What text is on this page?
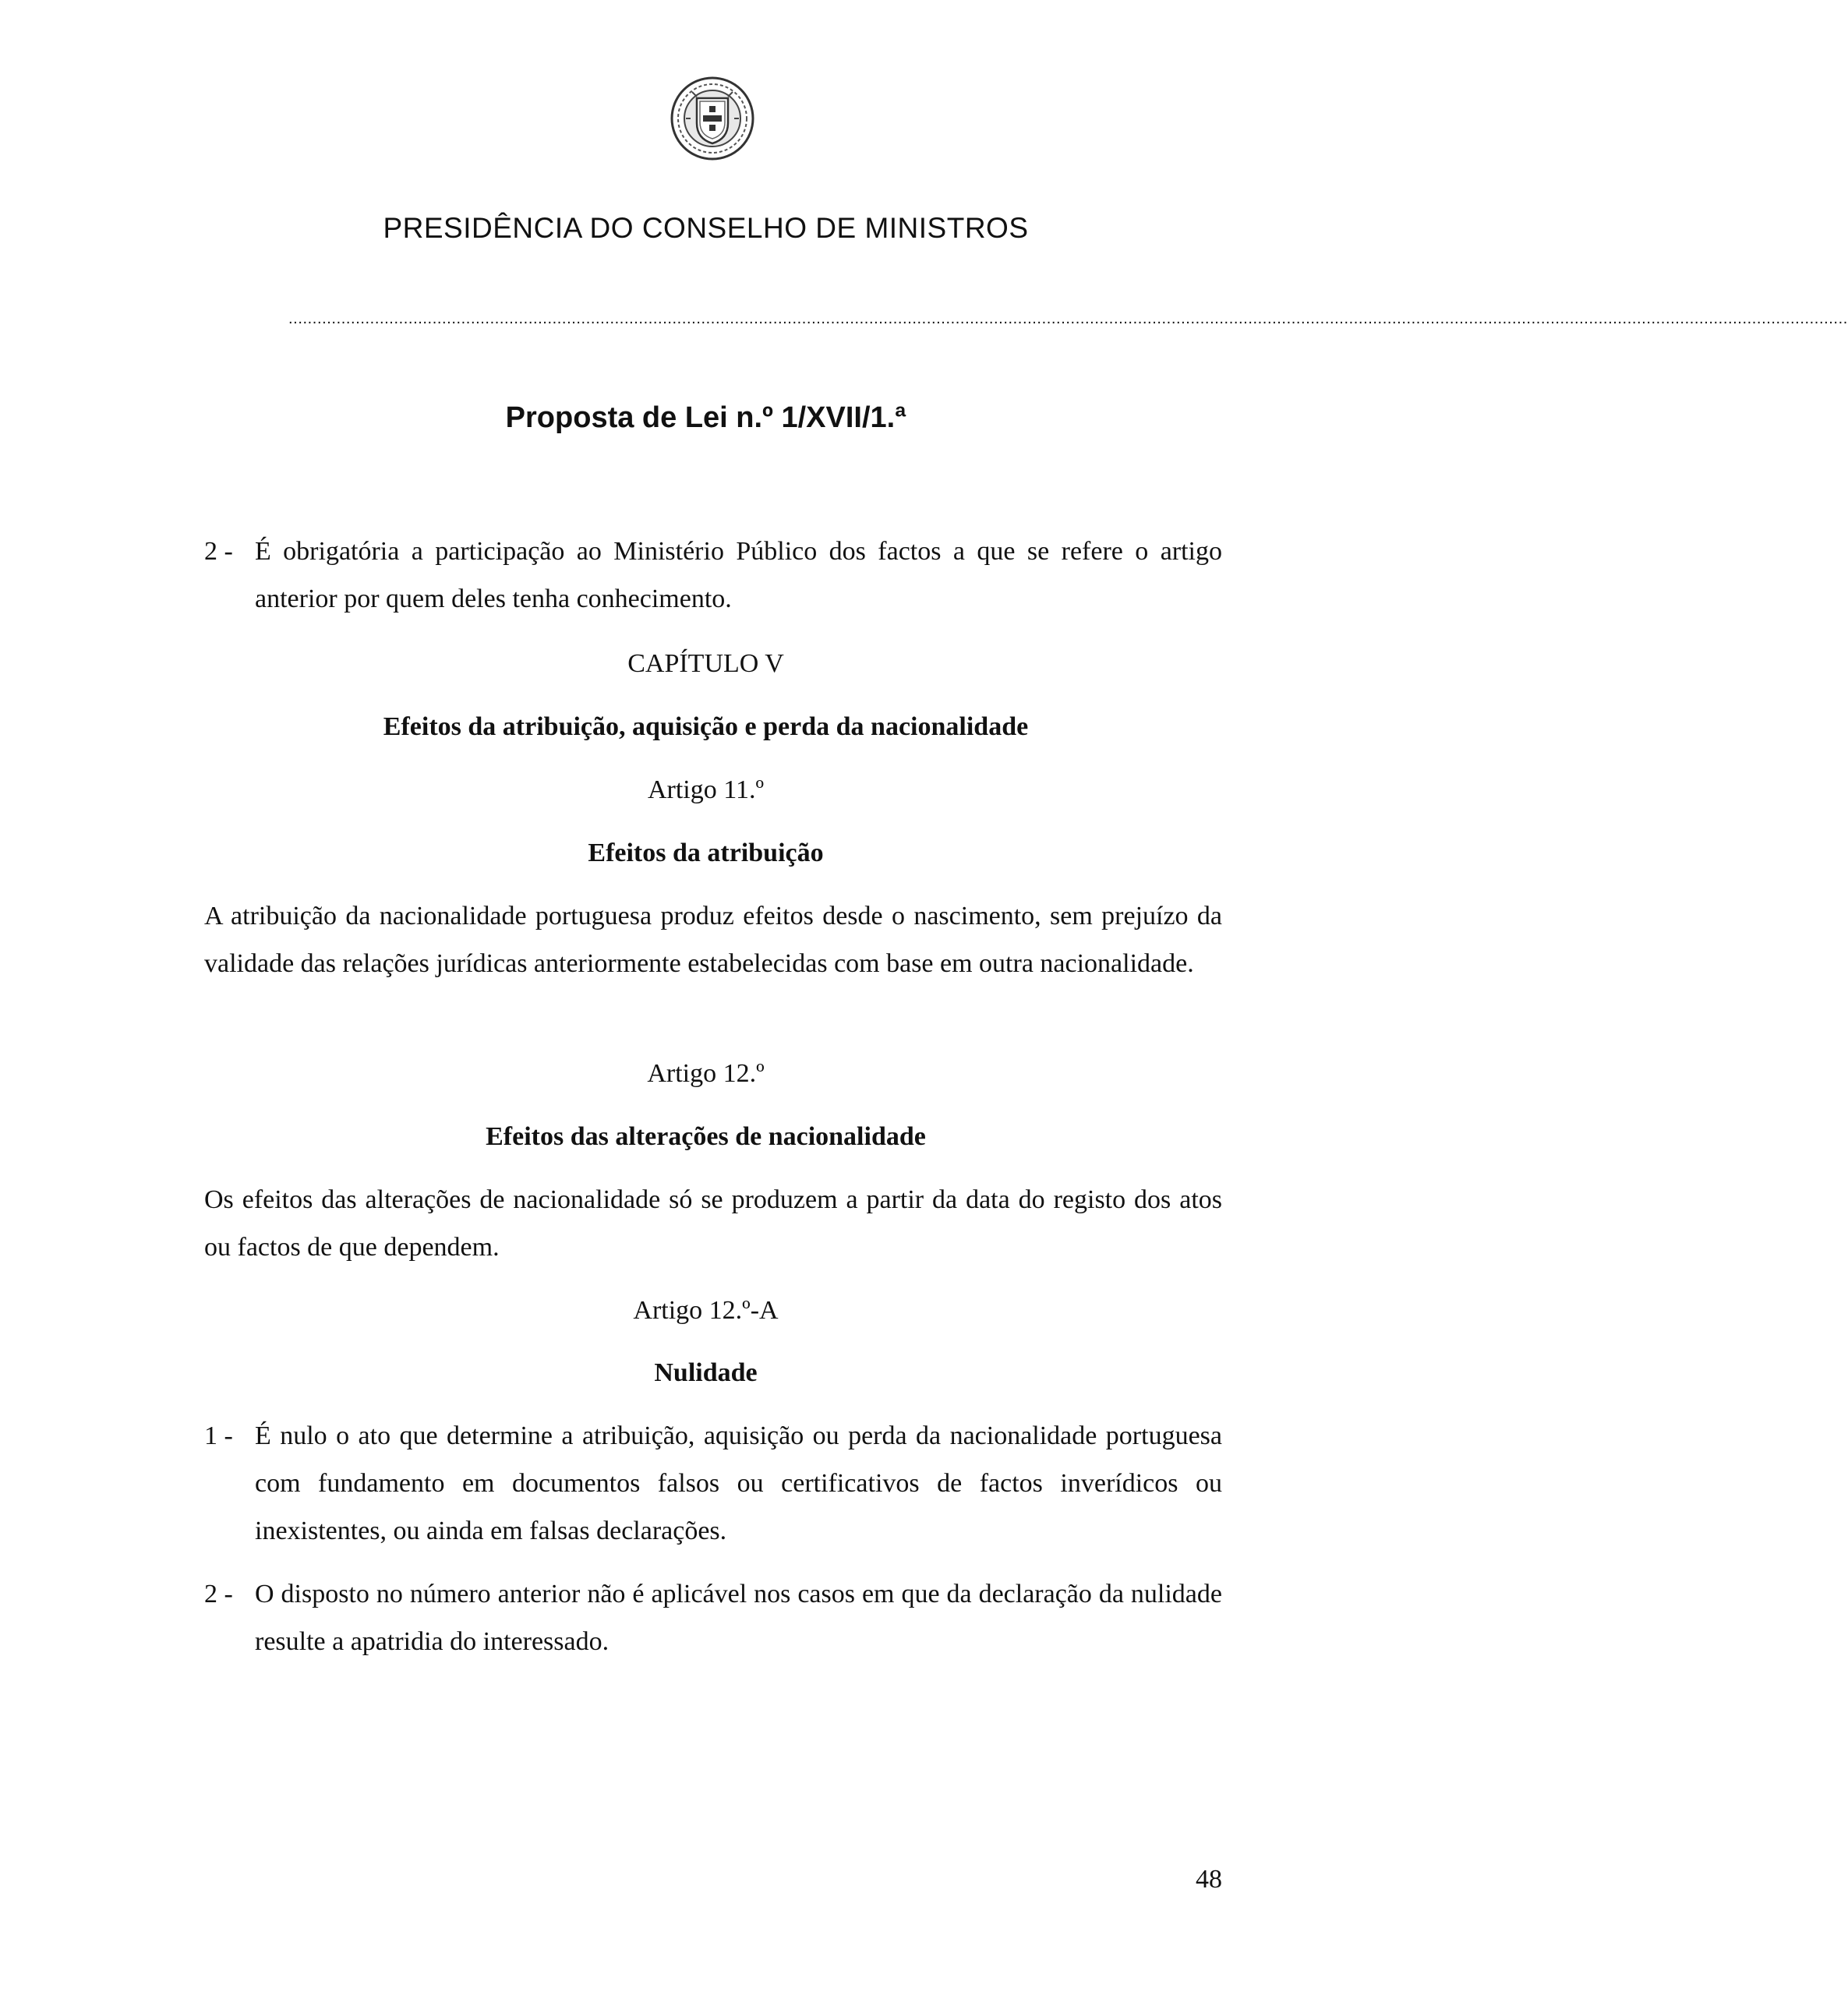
PRESIDÊNCIA DO CONSELHO DE MINISTROS
.....................................................................................................................................................................................................................................................................................................................................
Proposta de Lei n.º 1/XVII/1.ª
2 - É obrigatória a participação ao Ministério Público dos factos a que se refere o artigo anterior por quem deles tenha conhecimento.
CAPÍTULO V
Efeitos da atribuição, aquisição e perda da nacionalidade
Artigo 11.º
Efeitos da atribuição
A atribuição da nacionalidade portuguesa produz efeitos desde o nascimento, sem prejuízo da validade das relações jurídicas anteriormente estabelecidas com base em outra nacionalidade.
Artigo 12.º
Efeitos das alterações de nacionalidade
Os efeitos das alterações de nacionalidade só se produzem a partir da data do registo dos atos ou factos de que dependem.
Artigo 12.º-A
Nulidade
1 - É nulo o ato que determine a atribuição, aquisição ou perda da nacionalidade portuguesa com fundamento em documentos falsos ou certificativos de factos inverídicos ou inexistentes, ou ainda em falsas declarações.
2 - O disposto no número anterior não é aplicável nos casos em que da declaração da nulidade resulte a apatridia do interessado.
48
